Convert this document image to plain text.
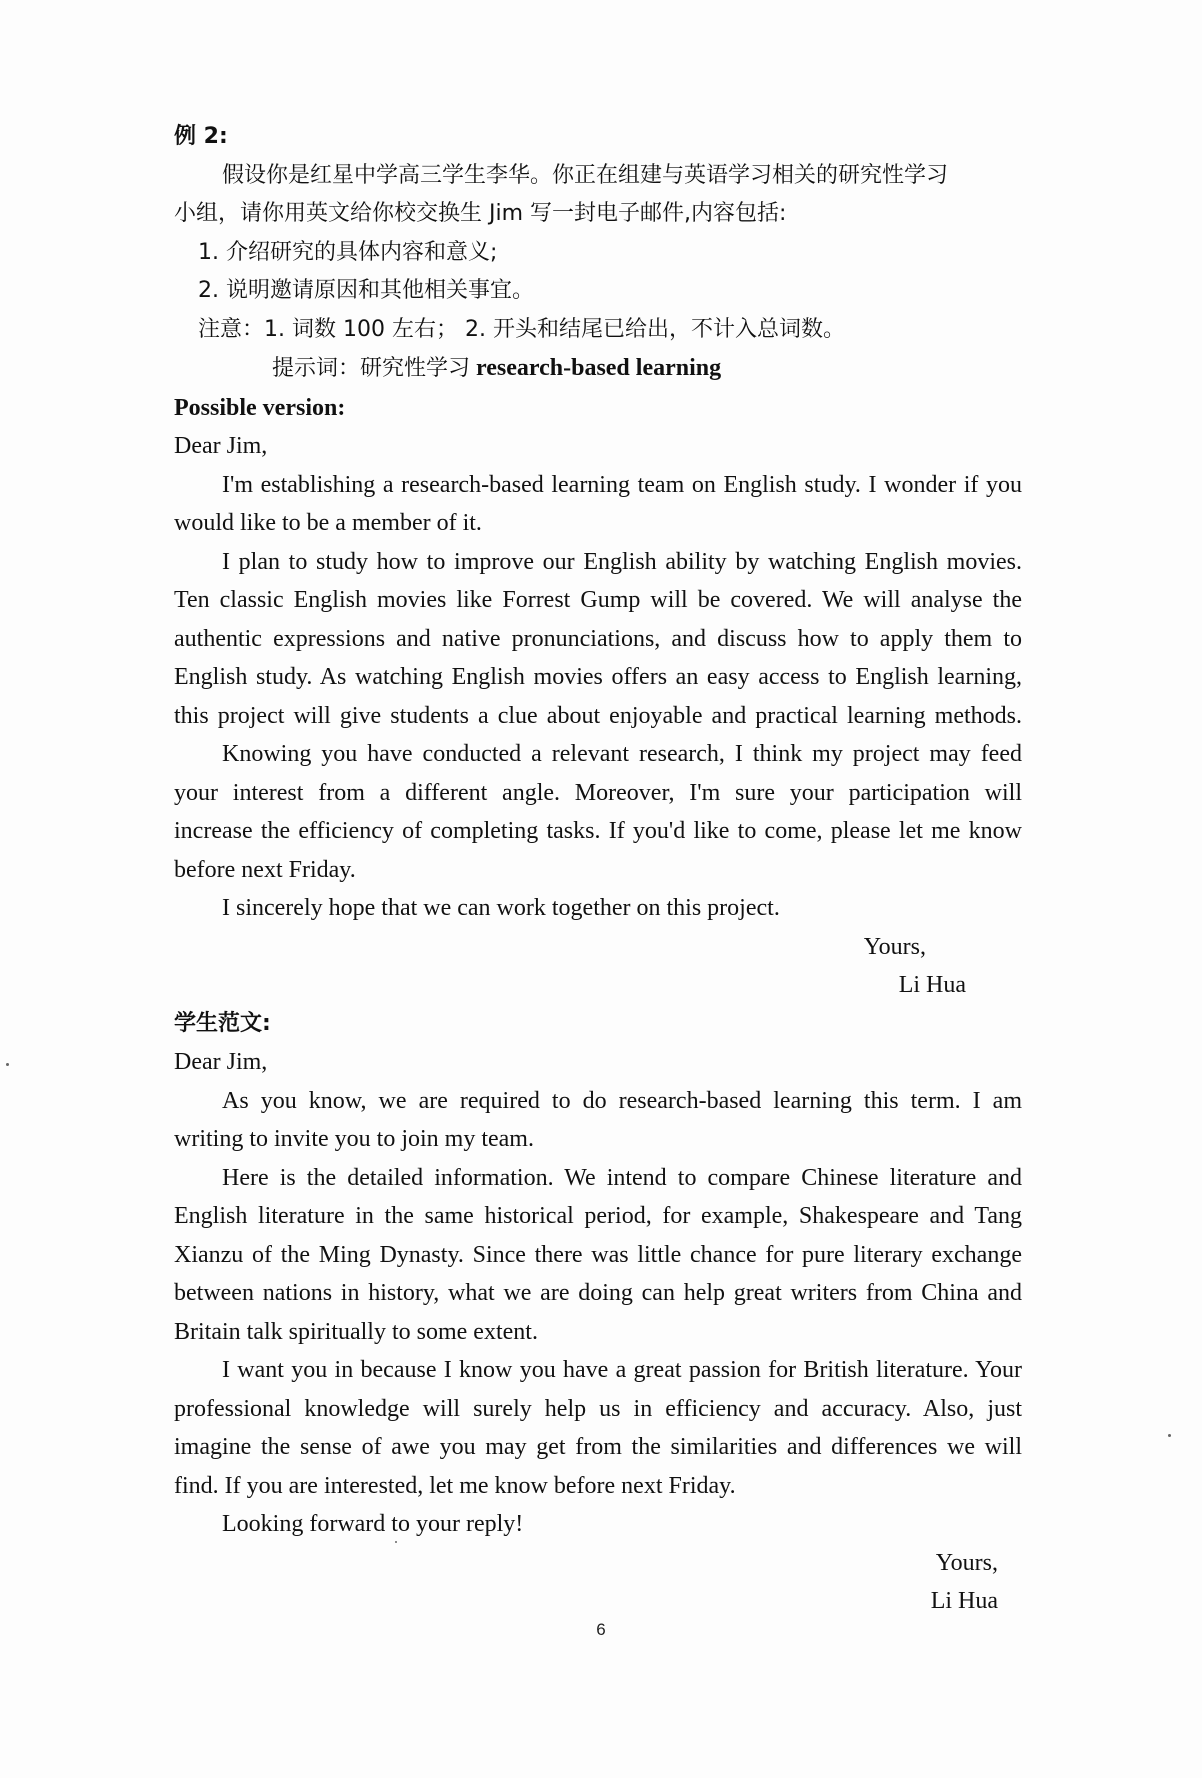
例 2:
假设你是红星中学高三学生李华。你正在组建与英语学习相关的研究性学习
小组，请你用英文给你校交换生 Jim 写一封电子邮件,内容包括:
1. 介绍研究的具体内容和意义;
2. 说明邀请原因和其他相关事宜。
注意：1. 词数 100 左右； 2. 开头和结尾已给出，不计入总词数。
提示词：研究性学习 research-based learning
Possible version:
Dear Jim,
I'm establishing a research-based learning team on English study. I wonder if you
would like to be a member of it.
I plan to study how to improve our English ability by watching English movies.
Ten classic English movies like Forrest Gump will be covered. We will analyse the
authentic expressions and native pronunciations, and discuss how to apply them to
English study. As watching English movies offers an easy access to English learning,
this project will give students a clue about enjoyable and practical learning methods.
Knowing you have conducted a relevant research, I think my project may feed
your interest from a different angle. Moreover, I'm sure your participation will
increase the efficiency of completing tasks. If you'd like to come, please let me know
before next Friday.
I sincerely hope that we can work together on this project.
Yours,
Li Hua
学生范文:
Dear Jim,
As you know, we are required to do research-based learning this term. I am
writing to invite you to join my team.
Here is the detailed information. We intend to compare Chinese literature and
English literature in the same historical period, for example, Shakespeare and Tang
Xianzu of the Ming Dynasty. Since there was little chance for pure literary exchange
between nations in history, what we are doing can help great writers from China and
Britain talk spiritually to some extent.
I want you in because I know you have a great passion for British literature. Your
professional knowledge will surely help us in efficiency and accuracy. Also, just
imagine the sense of awe you may get from the similarities and differences we will
find. If you are interested, let me know before next Friday.
Looking forward to your reply!
Yours,
Li Hua
6
